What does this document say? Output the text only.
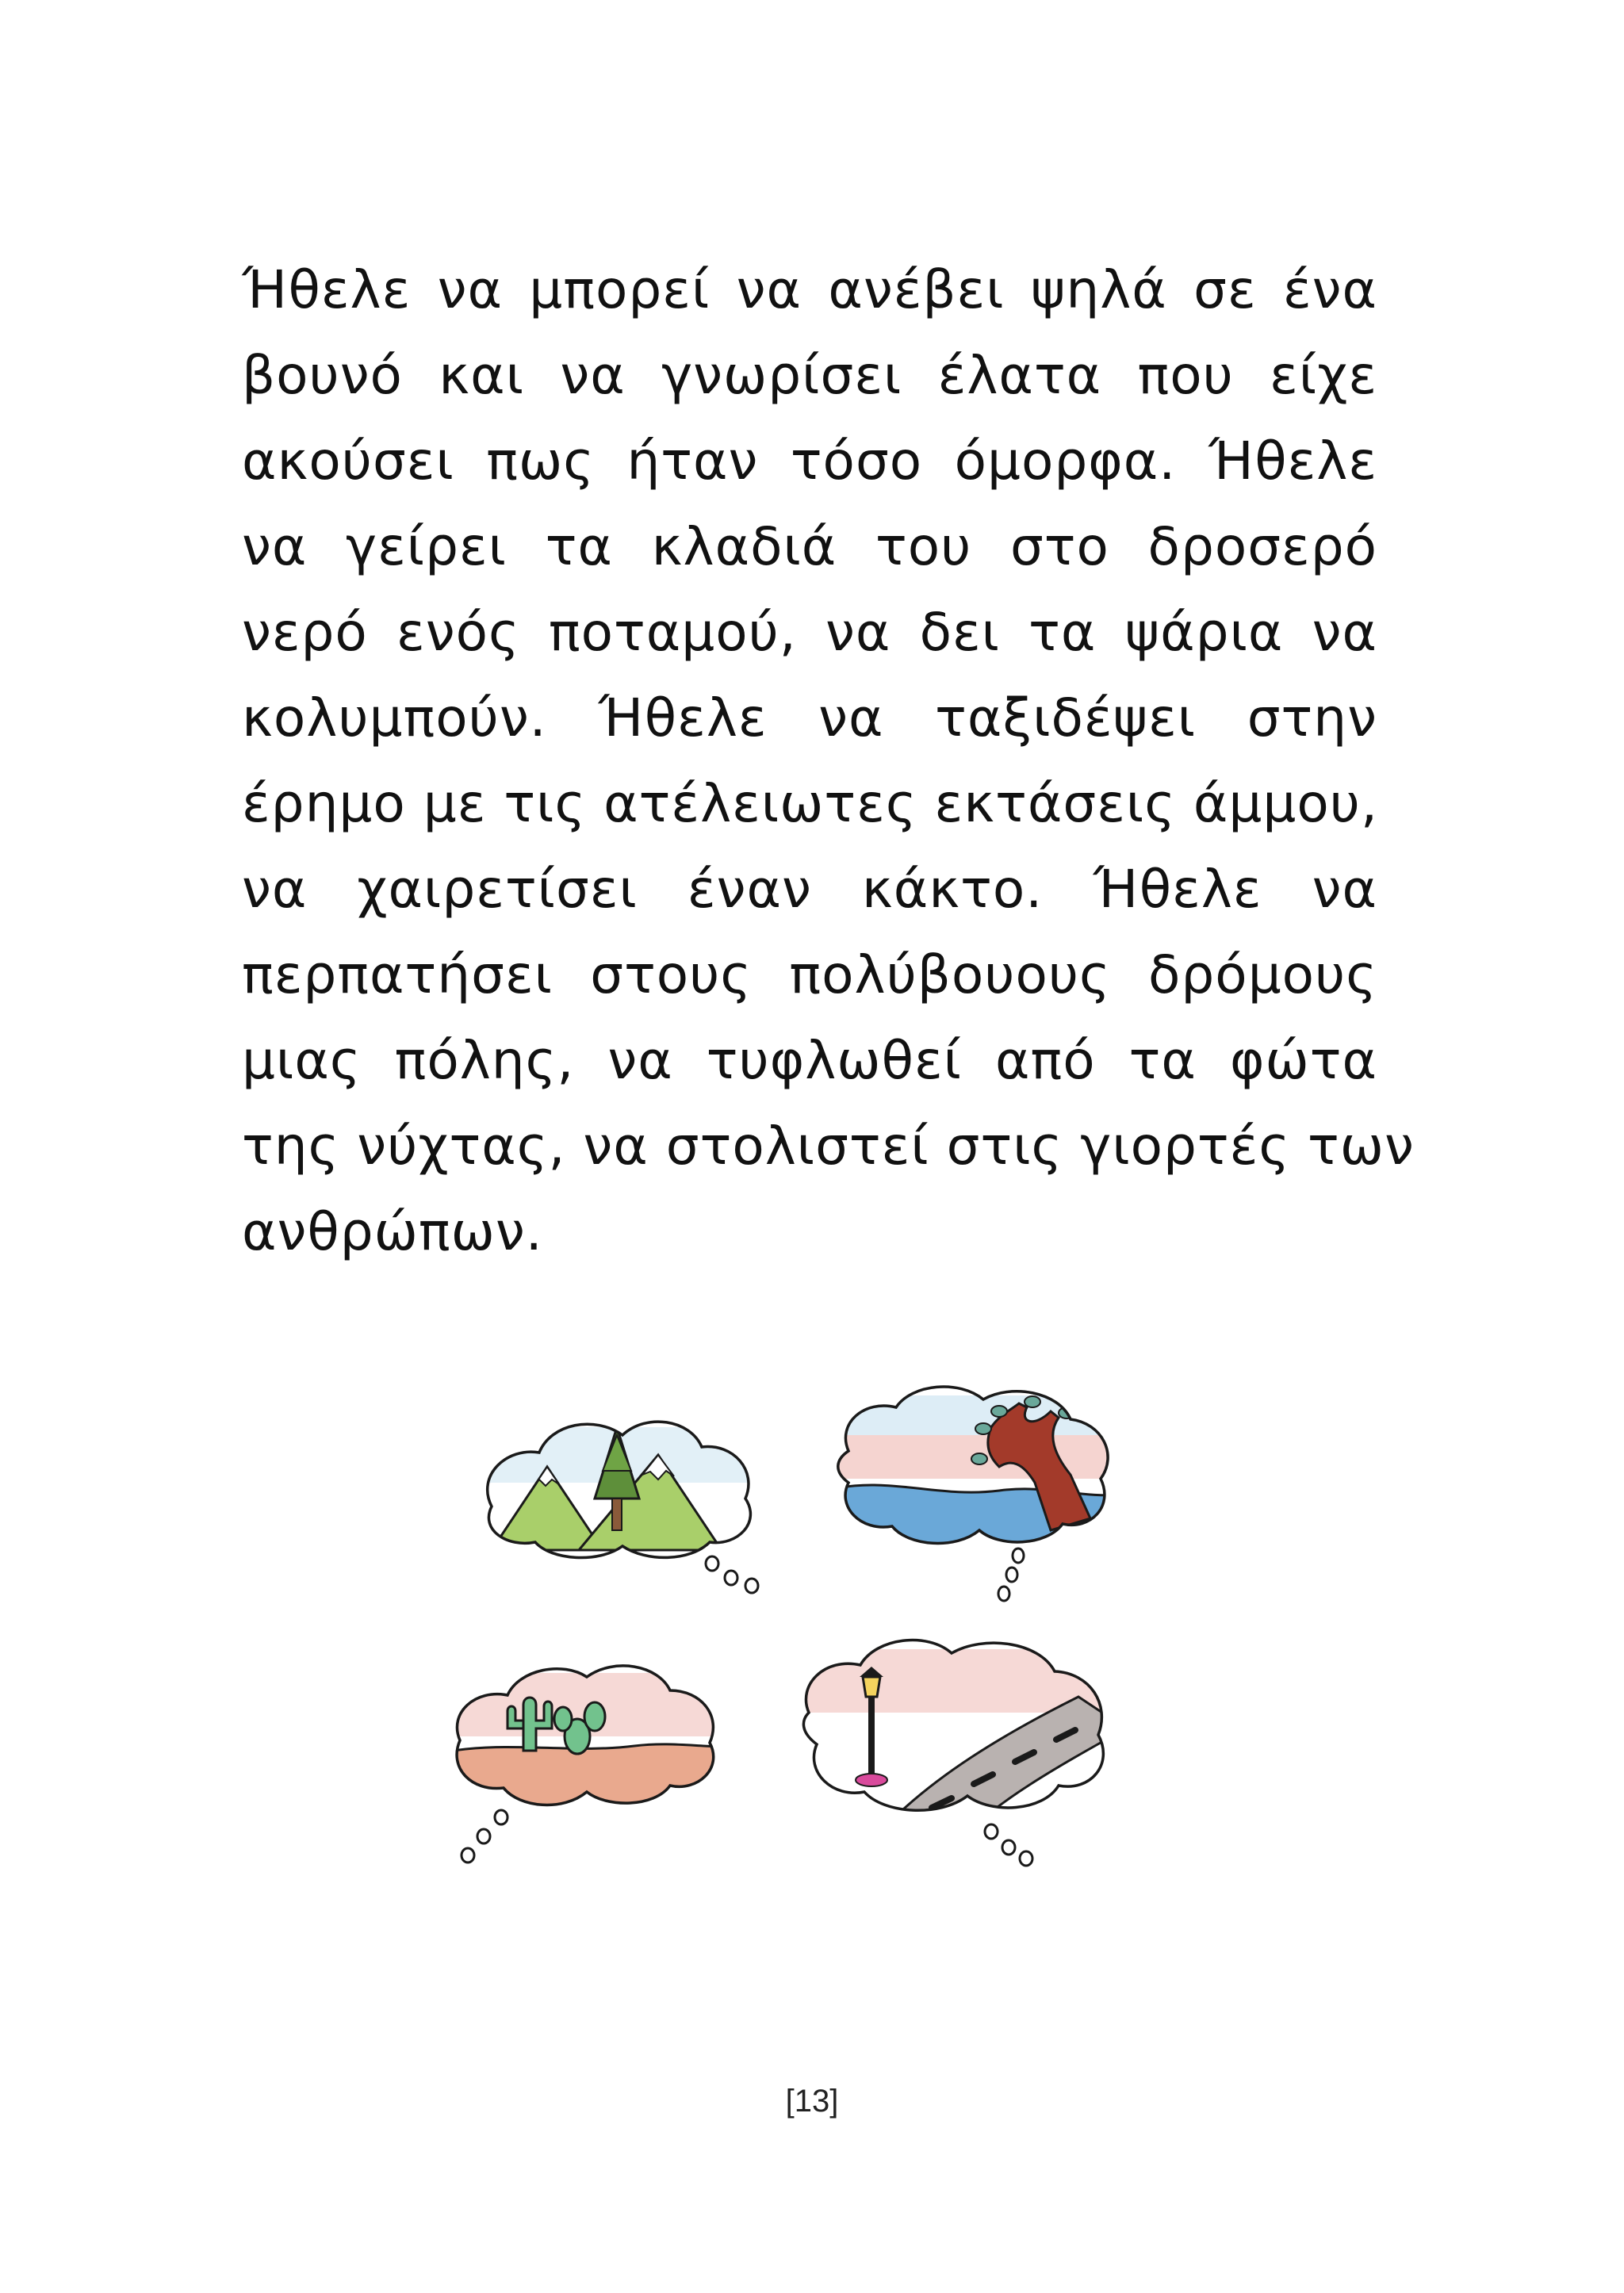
Ήθελε να μπορεί να ανέβει ψηλά σε ένα
βουνό και να γνωρίσει έλατα που είχε
ακούσει πως ήταν τόσο όμορφα. Ήθελε
να γείρει τα κλαδιά του στο δροσερό
νερό ενός ποταμού, να δει τα ψάρια να
κολυμπούν. Ήθελε να ταξιδέψει στην
έρημο με τις ατέλειωτες εκτάσεις άμμου,
να χαιρετίσει έναν κάκτο. Ήθελε να
περπατήσει στους πολύβουους δρόμους
μιας πόλης, να τυφλωθεί από τα φώτα
της νύχτας, να στολιστεί στις γιορτές των
ανθρώπων.
[13]
